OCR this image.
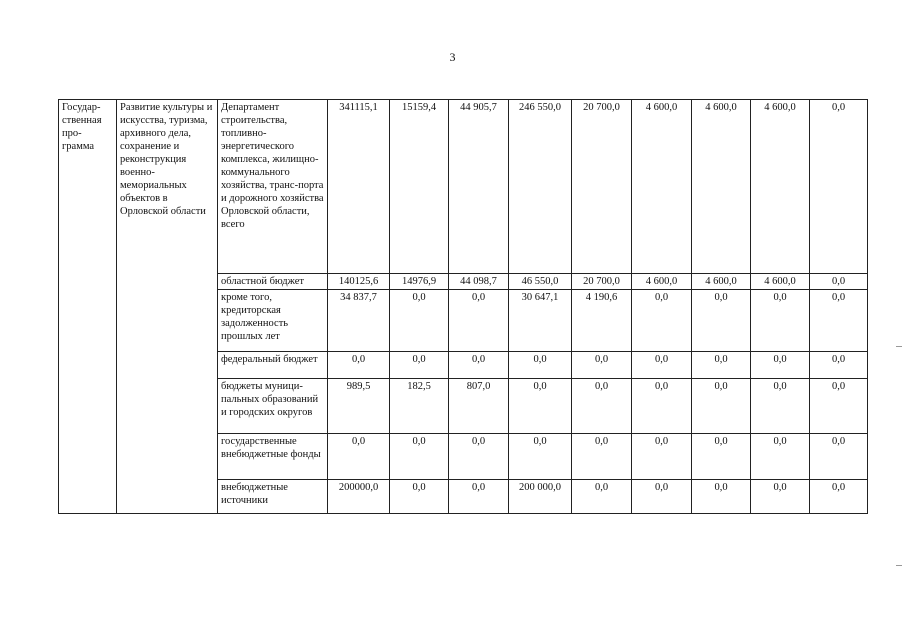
3
Государ-ственная про-грамма	Развитие культуры и искусства, туризма, архивного дела, сохранение и реконструкция военно-мемориальных объектов в Орловской области	Департамент строительства, топливно-энергетического комплекса, жилищно-коммунального хозяйства, транс-порта и дорожного хозяйства Орловской области, всего	341115,1	15159,4	44 905,7	246 550,0	20 700,0	4 600,0	4 600,0	4 600,0	0,0
		областной бюджет	140125,6	14976,9	44 098,7	46 550,0	20 700,0	4 600,0	4 600,0	4 600,0	0,0
		кроме того, кредиторская задолженность прошлых лет	34 837,7	0,0	0,0	30 647,1	4 190,6	0,0	0,0	0,0	0,0
		федеральный бюджет	0,0	0,0	0,0	0,0	0,0	0,0	0,0	0,0	0,0
		бюджеты муници-пальных образований и городских округов	989,5	182,5	807,0	0,0	0,0	0,0	0,0	0,0	0,0
		государственные внебюджетные фонды	0,0	0,0	0,0	0,0	0,0	0,0	0,0	0,0	0,0
		внебюджетные источники	200000,0	0,0	0,0	200 000,0	0,0	0,0	0,0	0,0	0,0
